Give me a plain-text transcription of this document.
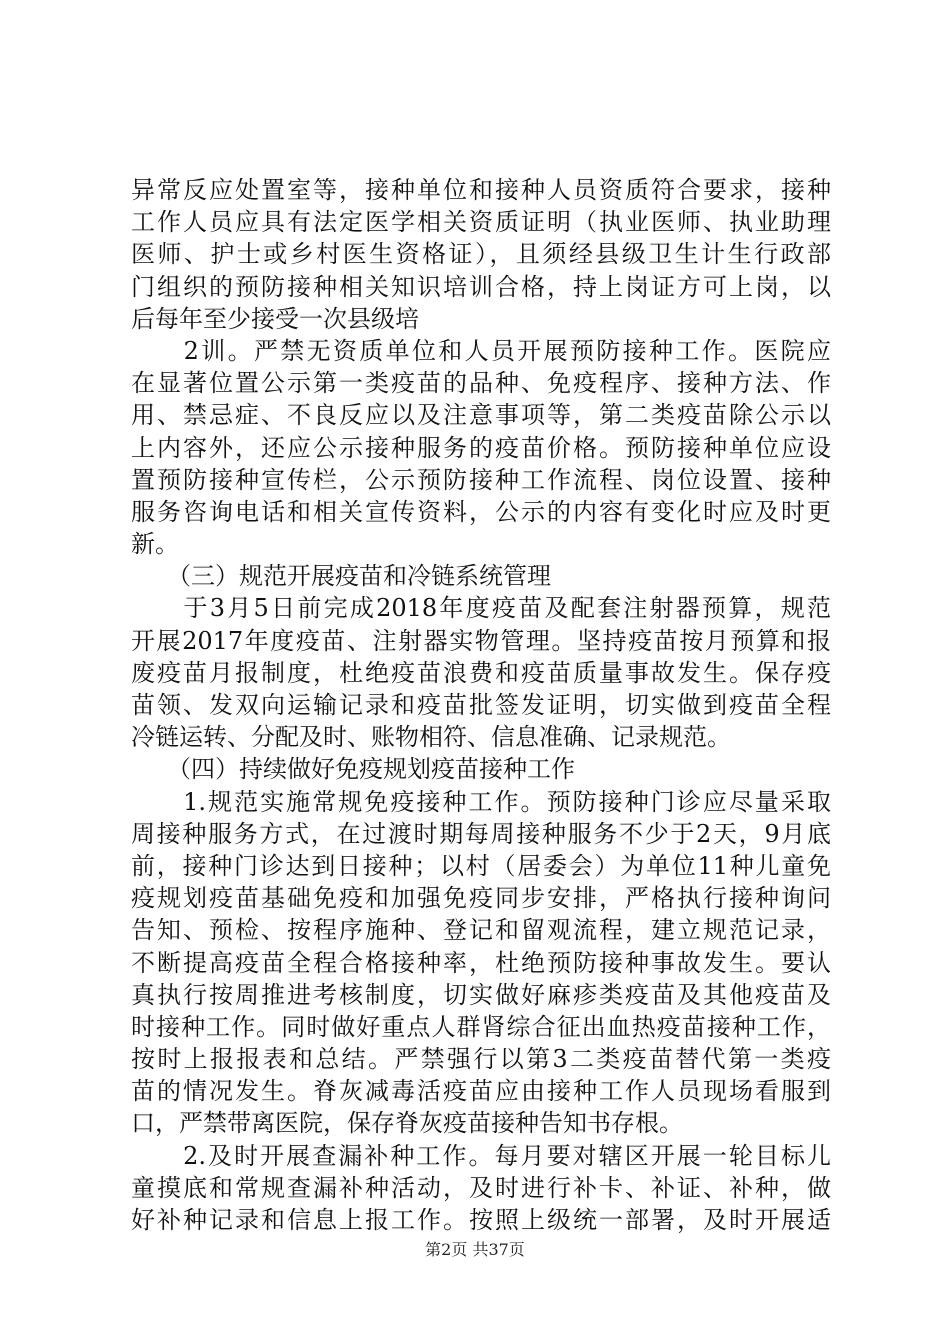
异常反应处置室等，接种单位和接种人员资质符合要求，接种
工作人员应具有法定医学相关资质证明（执业医师、执业助理
医师、护士或乡村医生资格证），且须经县级卫生计生行政部
门组织的预防接种相关知识培训合格，持上岗证方可上岗，以
后每年至少接受一次县级培
　　2训。严禁无资质单位和人员开展预防接种工作。医院应
在显著位置公示第一类疫苗的品种、免疫程序、接种方法、作
用、禁忌症、不良反应以及注意事项等，第二类疫苗除公示以
上内容外，还应公示接种服务的疫苗价格。预防接种单位应设
置预防接种宣传栏，公示预防接种工作流程、岗位设置、接种
服务咨询电话和相关宣传资料，公示的内容有变化时应及时更
新。
　　（三）规范开展疫苗和冷链系统管理
　　于3月5日前完成2018年度疫苗及配套注射器预算，规范
开展2017年度疫苗、注射器实物管理。坚持疫苗按月预算和报
废疫苗月报制度，杜绝疫苗浪费和疫苗质量事故发生。保存疫
苗领、发双向运输记录和疫苗批签发证明，切实做到疫苗全程
冷链运转、分配及时、账物相符、信息准确、记录规范。
　　（四）持续做好免疫规划疫苗接种工作
　　1.规范实施常规免疫接种工作。预防接种门诊应尽量采取
周接种服务方式，在过渡时期每周接种服务不少于2天，9月底
前，接种门诊达到日接种；以村（居委会）为单位11种儿童免
疫规划疫苗基础免疫和加强免疫同步安排，严格执行接种询问
告知、预检、按程序施种、登记和留观流程，建立规范记录，
不断提高疫苗全程合格接种率，杜绝预防接种事故发生。要认
真执行按周推进考核制度，切实做好麻疹类疫苗及其他疫苗及
时接种工作。同时做好重点人群肾综合征出血热疫苗接种工作，
按时上报报表和总结。严禁强行以第3二类疫苗替代第一类疫
苗的情况发生。脊灰减毒活疫苗应由接种工作人员现场看服到
口，严禁带离医院，保存脊灰疫苗接种告知书存根。
　　2.及时开展查漏补种工作。每月要对辖区开展一轮目标儿
童摸底和常规查漏补种活动，及时进行补卡、补证、补种，做
好补种记录和信息上报工作。按照上级统一部署，及时开展适
第2页 共37页
